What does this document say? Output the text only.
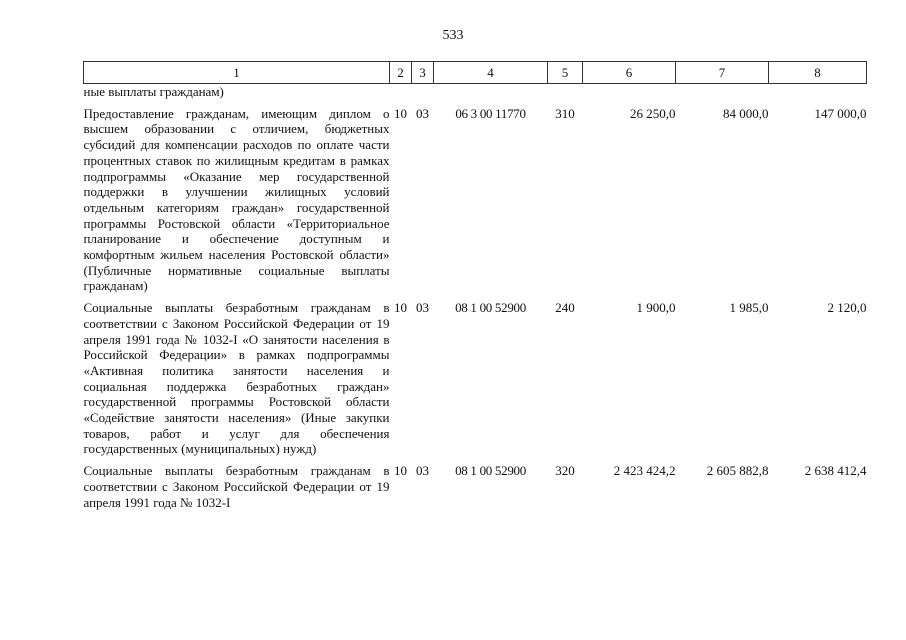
533
1	2	3	4	5	6	7	8
ные выплаты гражданам)							

Предоставление гражданам, имеющим диплом о высшем образовании с отличием, бюджетных субсидий для компенсации расходов по оплате части процентных ставок по жилищным кредитам в рамках подпрограммы «Оказание мер государственной поддержки в улучшении жилищных условий отдельным категориям граждан» государственной программы Ростовской области «Территориальное планирование и обеспечение доступным и комфортным жильем населения Ростовской области» (Публичные нормативные социальные выплаты гражданам)	10	03	06 3 00 11770	310	26 250,0	84 000,0	147 000,0

Социальные выплаты безработным гражданам в соответствии с Законом Российской Федерации от 19 апреля 1991 года № 1032-I «О занятости населения в Российской Федерации» в рамках подпрограммы «Активная политика занятости населения и социальная поддержка безработных граждан» государственной программы Ростовской области «Содействие занятости населения» (Иные закупки товаров, работ и услуг для обеспечения государственных (муниципальных) нужд)	10	03	08 1 00 52900	240	1 900,0	1 985,0	2 120,0

Социальные выплаты безработным гражданам в соответствии с Законом Российской Федерации от 19 апреля 1991 года № 1032-I	10	03	08 1 00 52900	320	2 423 424,2	2 605 882,8	2 638 412,4
